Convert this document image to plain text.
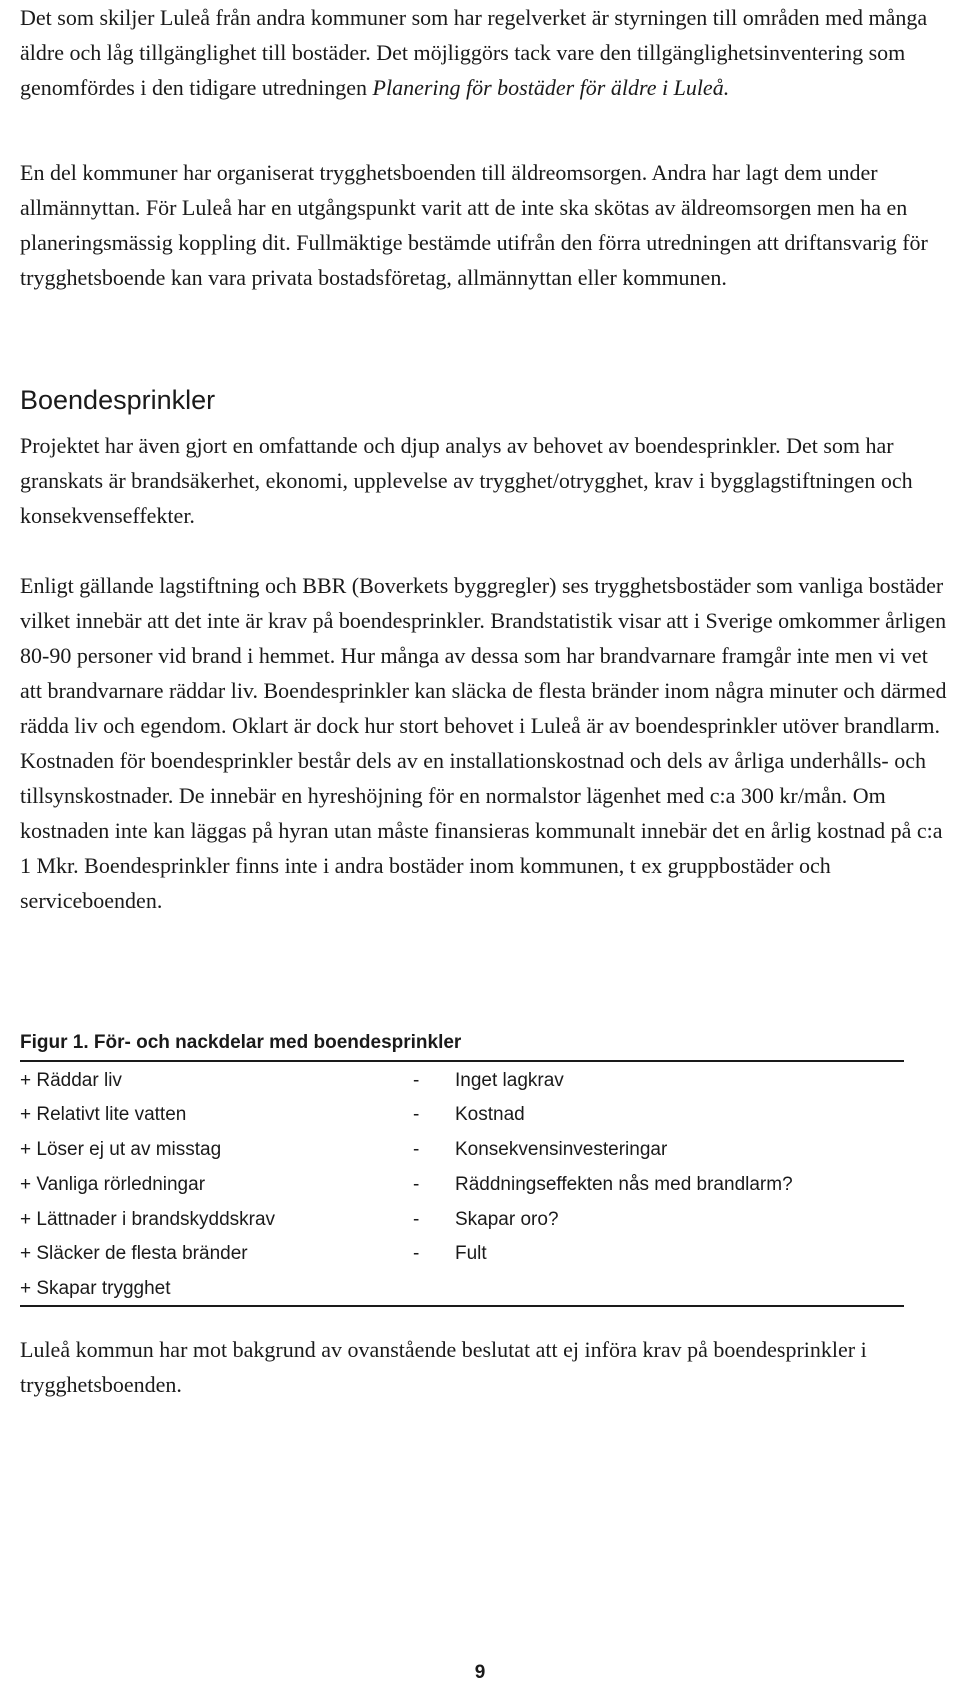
Det som skiljer Luleå från andra kommuner som har regelverket är styrningen till områden med många äldre och låg tillgänglighet till bostäder. Det möjliggörs tack vare den tillgänglighetsinventering som genomfördes i den tidigare utredningen Planering för bostäder för äldre i Luleå.

En del kommuner har organiserat trygghetsboenden till äldreomsorgen. Andra har lagt dem under allmännyttan. För Luleå har en utgångspunkt varit att de inte ska skötas av äldreomsorgen men ha en planeringsmässig koppling dit. Fullmäktige bestämde utifrån den förra utredningen att driftansvarig för trygghetsboende kan vara privata bostadsföretag, allmännyttan eller kommunen.

Boendesprinkler

Projektet har även gjort en omfattande och djup analys av behovet av boendesprinkler. Det som har granskats är brandsäkerhet, ekonomi, upplevelse av trygghet/otrygghet, krav i bygglagstiftningen och konsekvenseffekter.

Enligt gällande lagstiftning och BBR (Boverkets byggregler) ses trygghetsbostäder som vanliga bostäder vilket innebär att det inte är krav på boendesprinkler. Brandstatistik visar att i Sverige omkommer årligen 80-90 personer vid brand i hemmet. Hur många av dessa som har brandvarnare framgår inte men vi vet att brandvarnare räddar liv. Boendesprinkler kan släcka de flesta bränder inom några minuter och därmed rädda liv och egendom. Oklart är dock hur stort behovet i Luleå är av boendesprinkler utöver brandlarm. Kostnaden för boendesprinkler består dels av en installationskostnad och dels av årliga underhålls- och tillsynskostnader. De innebär en hyreshöjning för en normalstor lägenhet med c:a 300 kr/mån. Om kostnaden inte kan läggas på hyran utan måste finansieras kommunalt innebär det en årlig kostnad på c:a 1 Mkr. Boendesprinkler finns inte i andra bostäder inom kommunen, t ex gruppbostäder och serviceboenden.

Figur 1. För- och nackdelar med boendesprinkler
+ Räddar liv	- Inget lagkrav
+ Relativt lite vatten	- Kostnad
+ Löser ej ut av misstag	- Konsekvensinvesteringar
+ Vanliga rörledningar	- Räddningseffekten nås med brandlarm?
+ Lättnader i brandskyddskrav	- Skapar oro?
+ Släcker de flesta bränder	- Fult
+ Skapar trygghet

Luleå kommun har mot bakgrund av ovanstående beslutat att ej införa krav på boendesprinkler i trygghetsboenden.

9
